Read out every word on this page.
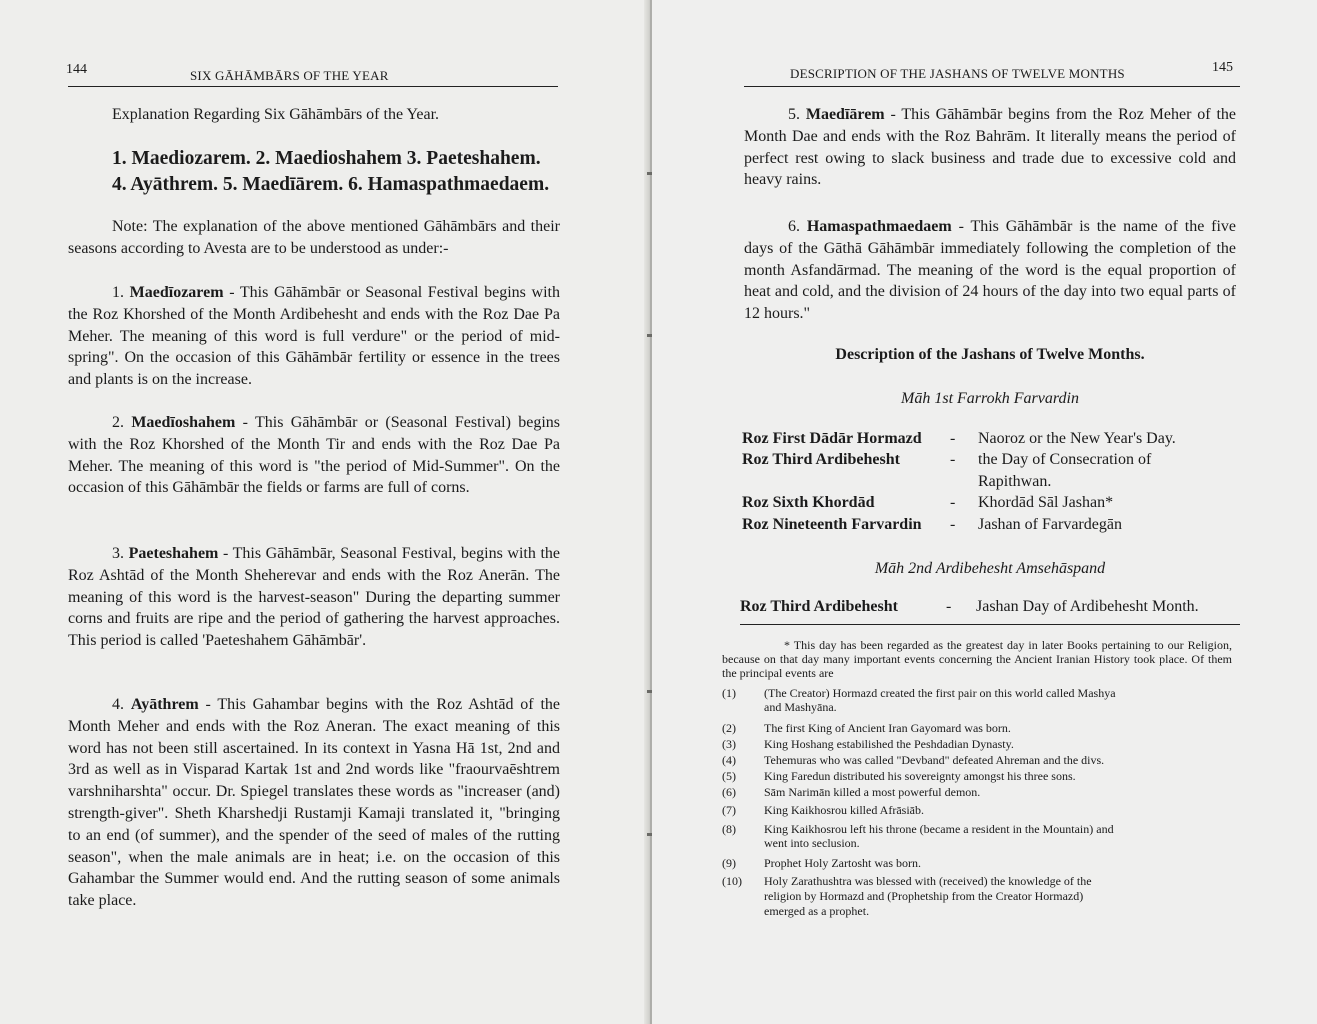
144	SIX GĀHĀMBĀRS OF THE YEAR
Explanation Regarding Six Gāhāmbārs of the Year.
1. Maediozarem. 2. Maedioshahem 3. Paeteshahem.
4. Ayāthrem. 5. Maedīārem. 6. Hamaspathmaedaem.
Note: The explanation of the above mentioned Gāhāmbārs and their seasons according to Avesta are to be understood as under:-
1. Maedīozarem - This Gāhāmbār or Seasonal Festival begins with the Roz Khorshed of the Month Ardibehesht and ends with the Roz Dae Pa Meher. The meaning of this word is full verdure" or the period of mid-spring". On the occasion of this Gāhāmbār fertility or essence in the trees and plants is on the increase.
2. Maedīoshahem - This Gāhāmbār or (Seasonal Festival) begins with the Roz Khorshed of the Month Tir and ends with the Roz Dae Pa Meher. The meaning of this word is "the period of Mid-Summer". On the occasion of this Gāhāmbār the fields or farms are full of corns.
3. Paeteshahem - This Gāhāmbār, Seasonal Festival, begins with the Roz Ashtād of the Month Sheherevar and ends with the Roz Anerān. The meaning of this word is the harvest-season" During the departing summer corns and fruits are ripe and the period of gathering the harvest approaches. This period is called 'Paeteshahem Gāhāmbār'.
4. Ayāthrem - This Gahambar begins with the Roz Ashtād of the Month Meher and ends with the Roz Aneran. The exact meaning of this word has not been still ascertained. In its context in Yasna Hā 1st, 2nd and 3rd as well as in Visparad Kartak 1st and 2nd words like "fraourvaēshtrem varshniharshta" occur. Dr. Spiegel translates these words as "increaser (and) strength-giver". Sheth Kharshedji Rustamji Kamaji translated it, "bringing to an end (of summer), and the spender of the seed of males of the rutting season", when the male animals are in heat; i.e. on the occasion of this Gahambar the Summer would end. And the rutting season of some animals take place.
DESCRIPTION OF THE JASHANS OF TWELVE MONTHS	145
5. Maedīārem - This Gāhāmbār begins from the Roz Meher of the Month Dae and ends with the Roz Bahrām. It literally means the period of perfect rest owing to slack business and trade due to excessive cold and heavy rains.
6. Hamaspathmaedaem - This Gāhāmbār is the name of the five days of the Gāthā Gāhāmbār immediately following the completion of the month Asfandārmad. The meaning of the word is the equal proportion of heat and cold, and the division of 24 hours of the day into two equal parts of 12 hours."
Description of the Jashans of Twelve Months.
Māh 1st Farrokh Farvardin
Roz First Dādār Hormazd - Naoroz or the New Year's Day.
Roz Third Ardibehesht	- the Day of Consecration of
Rapithwan.
Roz Sixth Khordād	- Khordād Sāl Jashan*
Roz Nineteenth Farvardin - Jashan of Farvardegān
Māh 2nd Ardibehesht Amsehāspand
Roz Third Ardibehesht	- Jashan Day of Ardibehesht Month.
* This day has been regarded as the greatest day in later Books pertaining to our Religion, because on that day many important events concerning the Ancient Iranian History took place. Of them the principal events are
(1) (The Creator) Hormazd created the first pair on this world called Mashya
and Mashyāna.
(2) The first King of Ancient Iran Gayomard was born.
(3) King Hoshang estabilished the Peshdadian Dynasty.
(4) Tehemuras who was called "Devband" defeated Ahreman and the divs.
(5) King Faredun distributed his sovereignty amongst his three sons.
(6) Sām Narimān killed a most powerful demon.
(7) King Kaikhosrou killed Afrāsiāb.
(8) King Kaikhosrou left his throne (became a resident in the Mountain) and
went into seclusion.
(9) Prophet Holy Zartosht was born.
(10) Holy Zarathushtra was blessed with (received) the knowledge of the
religion by Hormazd and (Prophetship from the Creator Hormazd)
emerged as a prophet.
